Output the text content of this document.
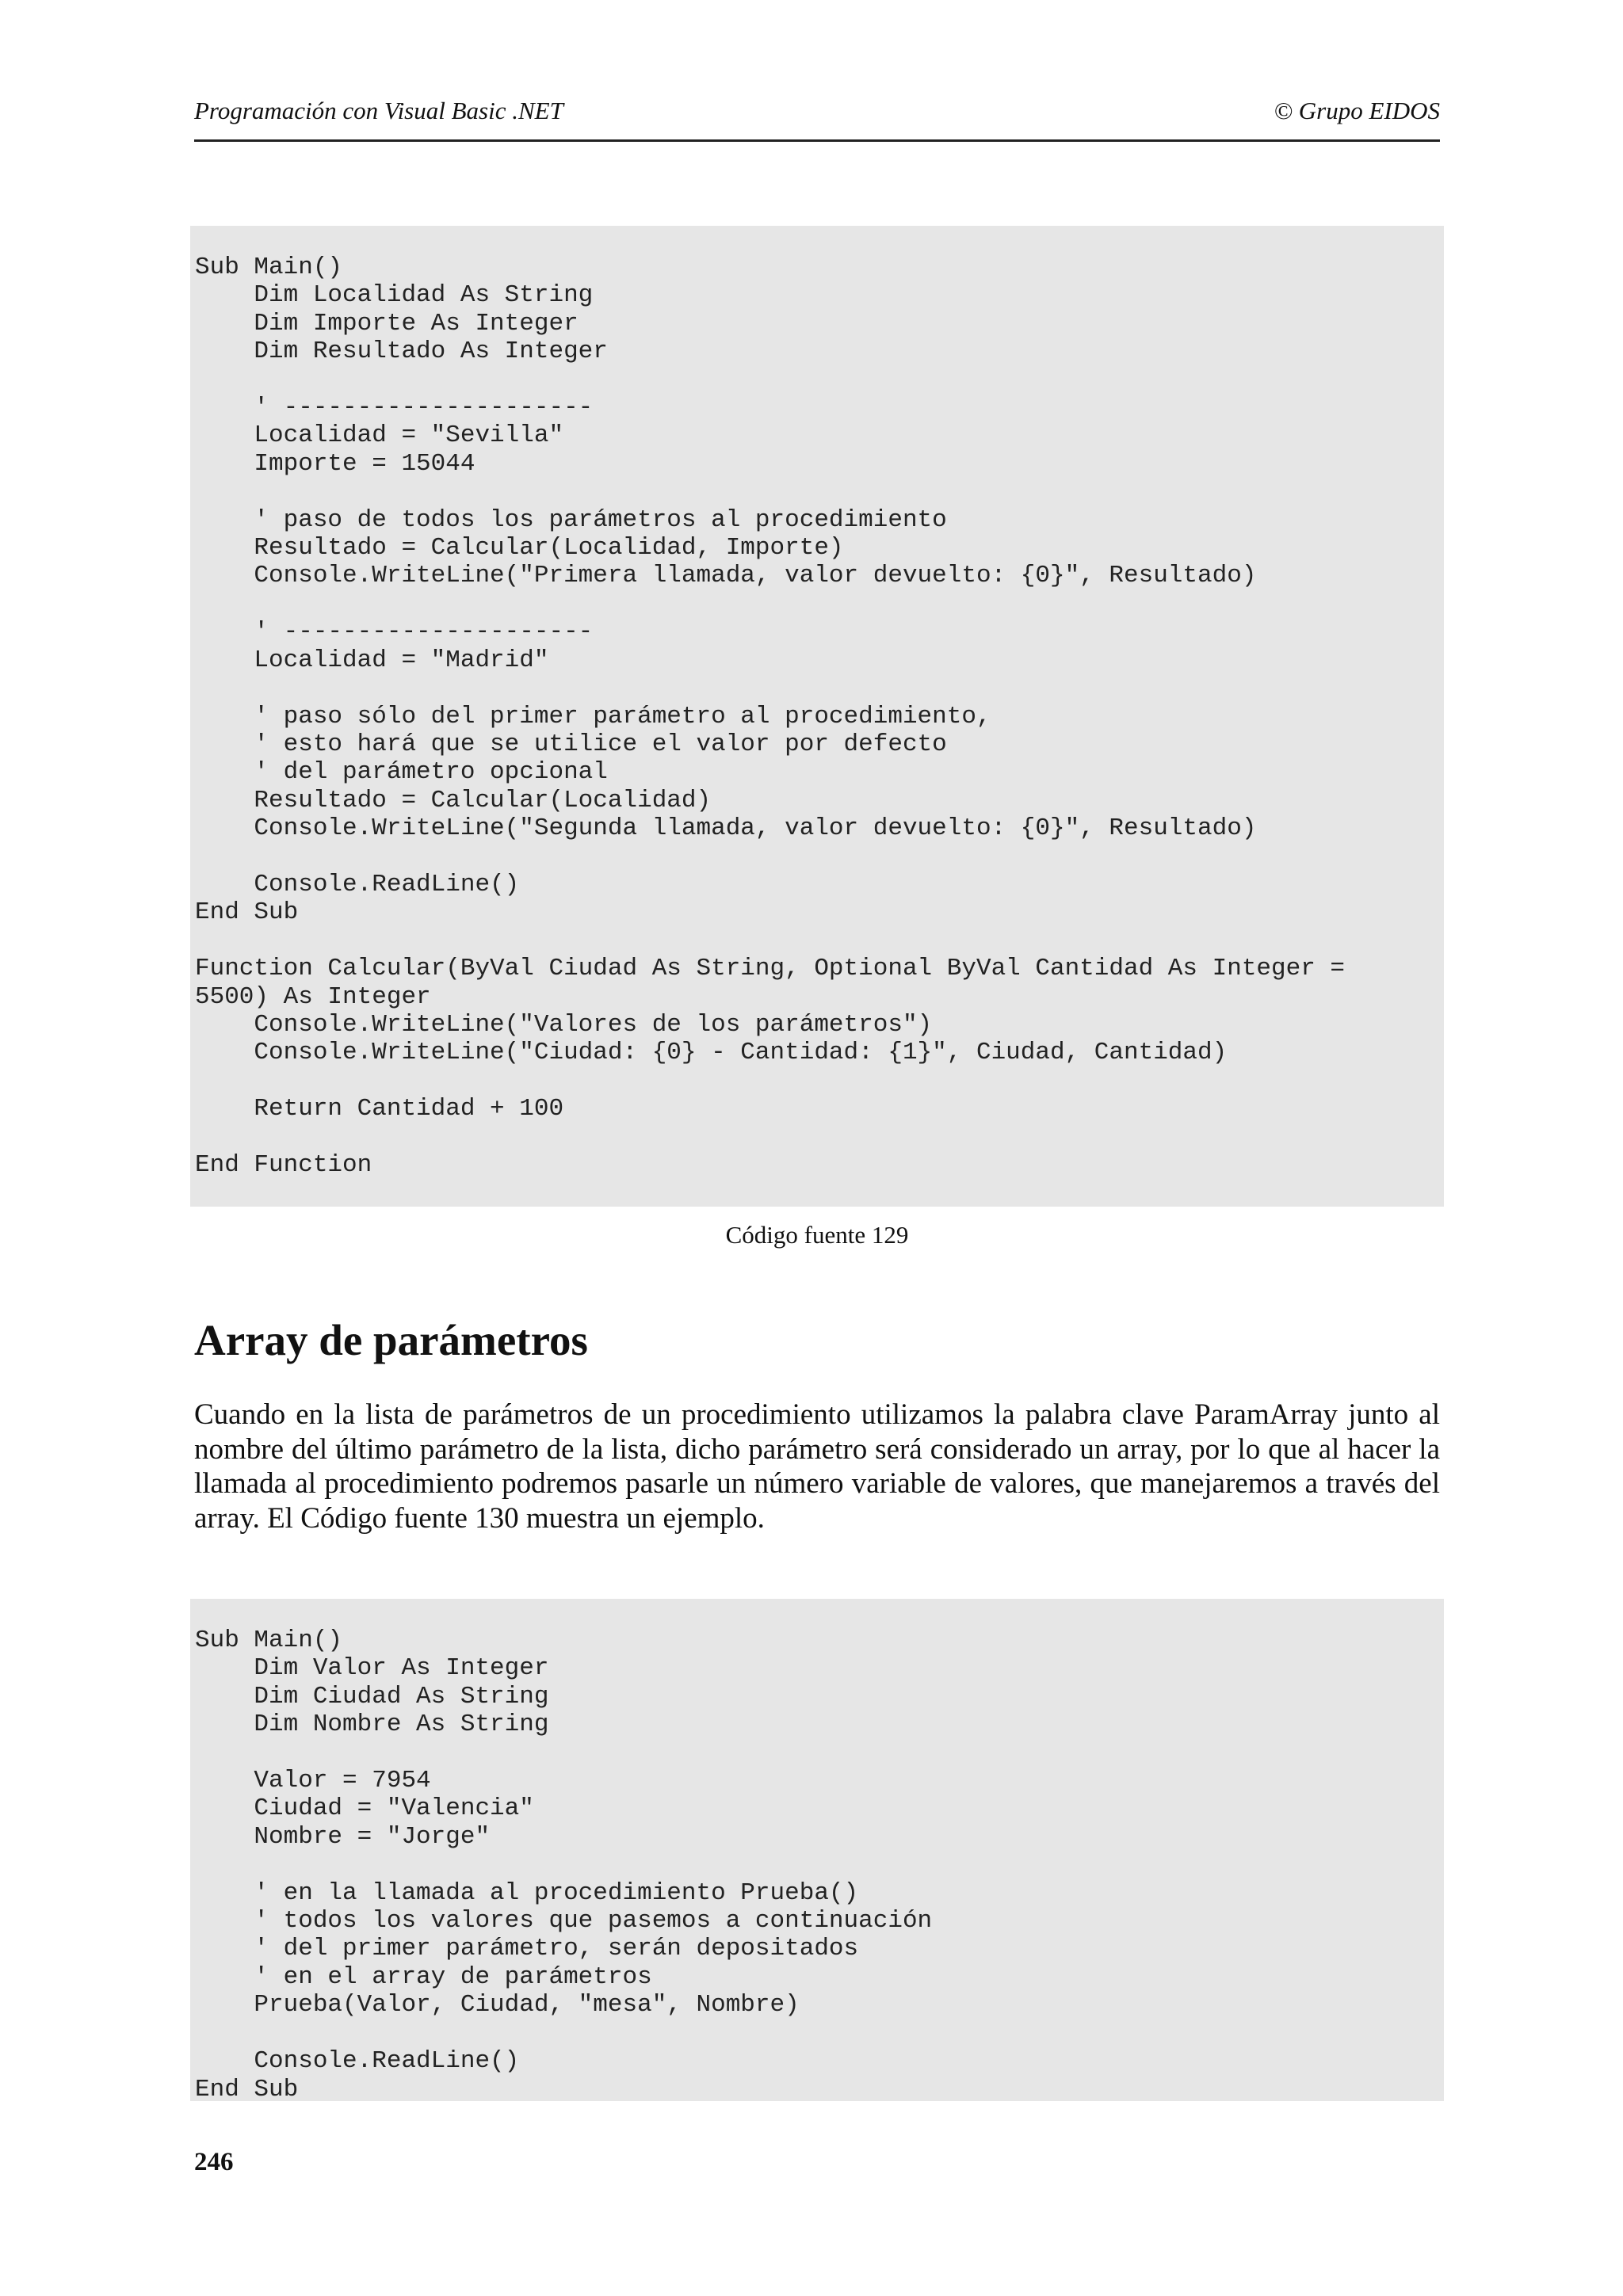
Programación con Visual Basic .NET	© Grupo EIDOS
Sub Main()
Dim Localidad As String
Dim Importe As Integer
Dim Resultado As Integer

' ---------------------
Localidad = "Sevilla"
Importe = 15044

' paso de todos los parámetros al procedimiento
Resultado = Calcular(Localidad, Importe)
Console.WriteLine("Primera llamada, valor devuelto: {0}", Resultado)

' ---------------------
Localidad = "Madrid"

' paso sólo del primer parámetro al procedimiento,
' esto hará que se utilice el valor por defecto
' del parámetro opcional
Resultado = Calcular(Localidad)
Console.WriteLine("Segunda llamada, valor devuelto: {0}", Resultado)

Console.ReadLine()
End Sub

Function Calcular(ByVal Ciudad As String, Optional ByVal Cantidad As Integer =
5500) As Integer
Console.WriteLine("Valores de los parámetros")
Console.WriteLine("Ciudad: {0} - Cantidad: {1}", Ciudad, Cantidad)

Return Cantidad + 100

End Function
Código fuente 129
Array de parámetros

Cuando en la lista de parámetros de un procedimiento utilizamos la palabra clave ParamArray junto al nombre del último parámetro de la lista, dicho parámetro será considerado un array, por lo que al hacer la llamada al procedimiento podremos pasarle un número variable de valores, que manejaremos a través del array. El Código fuente 130 muestra un ejemplo.

Sub Main()
Dim Valor As Integer
Dim Ciudad As String
Dim Nombre As String

Valor = 7954
Ciudad = "Valencia"
Nombre = "Jorge"

' en la llamada al procedimiento Prueba()
' todos los valores que pasemos a continuación
' del primer parámetro, serán depositados
' en el array de parámetros
Prueba(Valor, Ciudad, "mesa", Nombre)

Console.ReadLine()
End Sub
246
